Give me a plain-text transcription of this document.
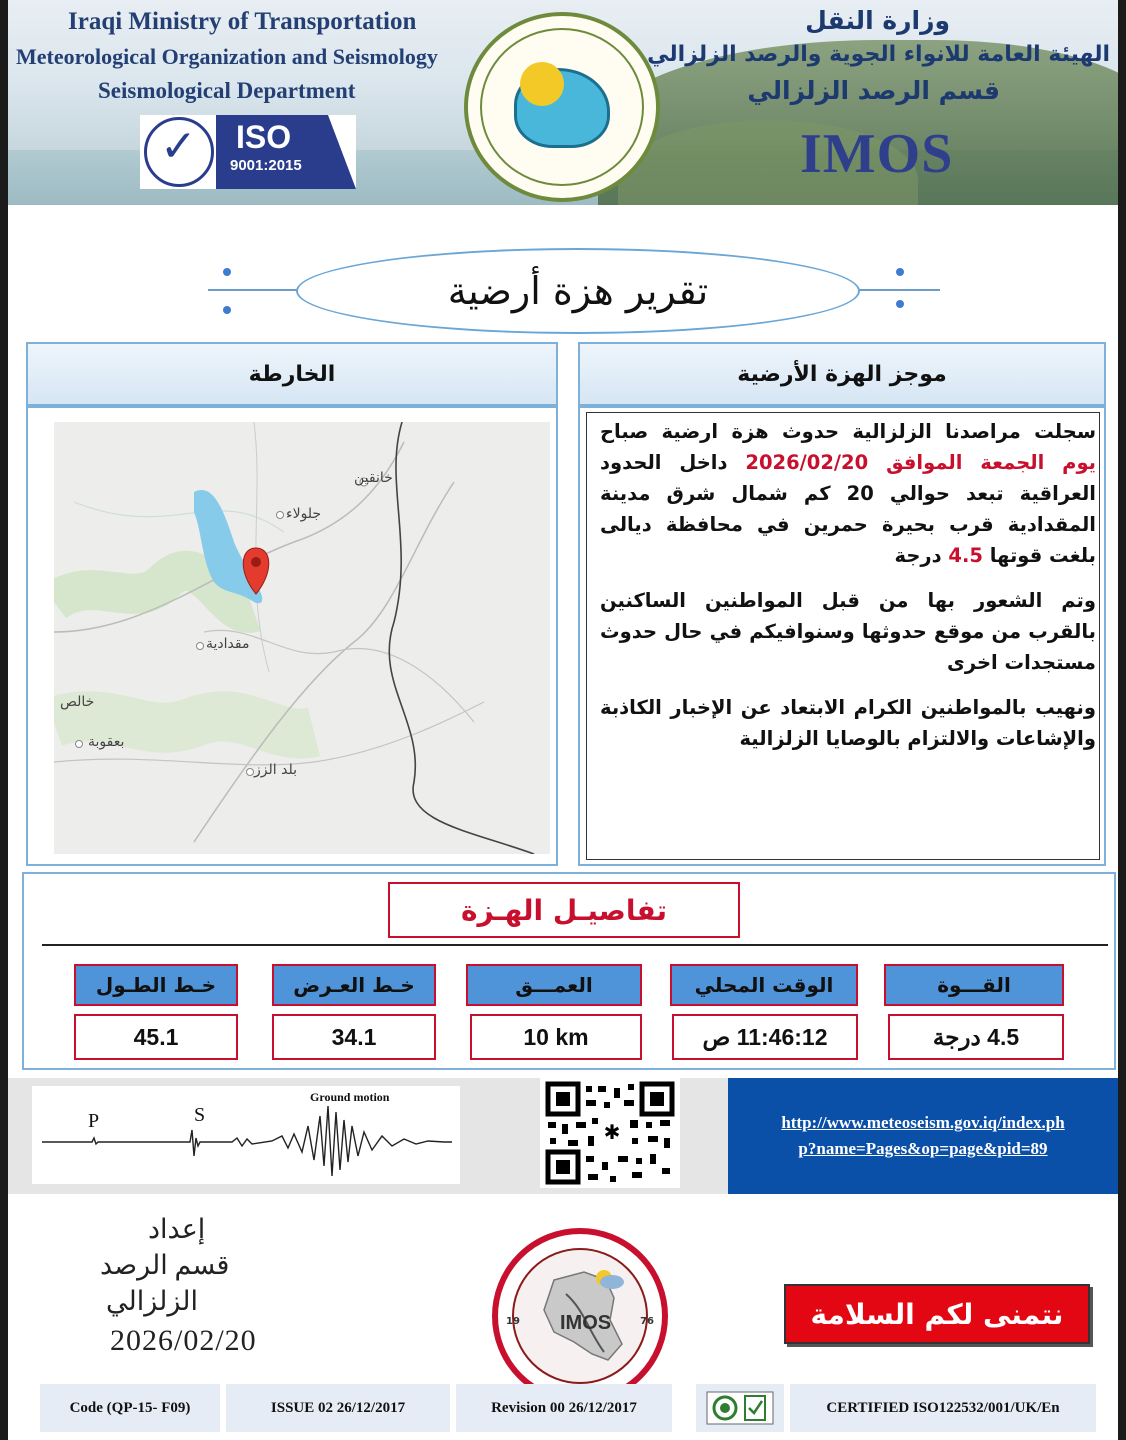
Iraqi Ministry of Transportation
Meteorological Organization and Seismology
Seismological Department
✓ ISO
9001:2015
وزارة النقل
الهيئة العامة للانواء الجوية والرصد الزلزالي
قسم الرصد الزلزالي
IMOS
تقرير هزة أرضية
موجز الهزة الأرضية

سجلت مراصدنا الزلزالية حدوث هزة ارضية صباح يوم الجمعة الموافق 2026/02/20 داخل الحدود العراقية تبعد حوالي 20 كم شمال شرق مدينة المقدادية قرب بحيرة حمرين في محافظة ديالى بلغت قوتها 4.5 درجة

وتم الشعور بها من قبل المواطنين الساكنين بالقرب من موقع حدوثها وسنوافيكم في حال حدوث مستجدات اخرى

ونهيب بالمواطنين الكرام الابتعاد عن الإخبار الكاذبة والإشاعات والالتزام بالوصايا الزلزالية

الخارطة
خانقين
جلولاء
مقدادية
خالص
بعقوبة
بلد الزز
تفاصيـل الهـزة
خـط الطـول
45.1
خـط العـرض
34.1
العمـــق
10 km
الوقت المحلي
11:46:12 ص
القـــوة
4.5 درجة
P	S
Ground motion
✱	http://www.meteoseism.gov.iq/index.ph
p?name=Pages&op=page&pid=89
إعداد
قسم الرصد
الزلزالي
2026/02/20
IMOS
19	76	نتمنى لكم السلامة
Code (QP-15- F09)	ISSUE 02 26/12/2017	Revision 00 26/12/2017	CERTIFIED ISO122532/001/UK/En
